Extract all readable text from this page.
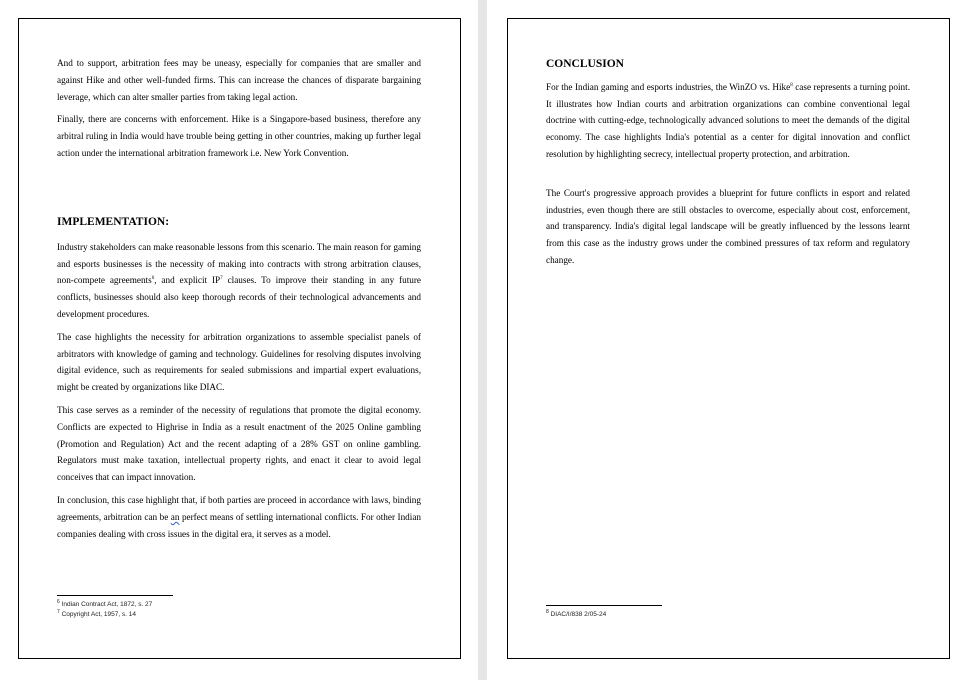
And to support, arbitration fees may be uneasy, especially for companies that are smaller and against Hike and other well-funded firms. This can increase the chances of disparate bargaining leverage, which can alter smaller parties from taking legal action.

Finally, there are concerns with enforcement. Hike is a Singapore-based business, therefore any arbitral ruling in India would have trouble being getting in other countries, making up further legal action under the international arbitration framework i.e. New York Convention.

IMPLEMENTATION:

Industry stakeholders can make reasonable lessons from this scenario. The main reason for gaming and esports businesses is the necessity of making into contracts with strong arbitration clauses, non-compete agreements$^6$, and explicit $IP^7$ clauses. To improve their standing in any future conflicts, businesses should also keep thorough records of their technological advancements and development procedures.

The case highlights the necessity for arbitration organizations to assemble specialist panels of arbitrators with knowledge of gaming and technology. Guidelines for resolving disputes involving digital evidence, such as requirements for sealed submissions and impartial expert evaluations, might be created by organizations like DIAC.

This case serves as a reminder of the necessity of regulations that promote the digital economy. Conflicts are expected to Highrise in India as a result enactment of the 2025 Online gambling (Promotion and Regulation) Act and the recent adapting of a 28% GST on online gambling. Regulators must make taxation, intellectual property rights, and enact it clear to avoid legal conceives that can impact innovation.

In conclusion, this case highlight that, if both parties are proceed in accordance with laws, binding agreements, arbitration can be an perfect means of settling international conflicts. For other Indian companies dealing with cross issues in the digital era, it serves as a model.

$^6$ Indian Contract Act, 1872, s. 27
$^7$ Copyright Act, 1957, s. 14

CONCLUSION

For the Indian gaming and esports industries, the WinZO vs. Hike$^8$ case represents a turning point. It illustrates how Indian courts and arbitration organizations can combine conventional legal doctrine with cutting-edge, technologically advanced solutions to meet the demands of the digital economy. The case highlights India's potential as a center for digital innovation and conflict resolution by highlighting secrecy, intellectual property protection, and arbitration.

The Court's progressive approach provides a blueprint for future conflicts in esport and related industries, even though there are still obstacles to overcome, especially about cost, enforcement, and transparency. India's digital legal landscape will be greatly influenced by the lessons learnt from this case as the industry grows under the combined pressures of tax reform and regulatory change.

$^8$ DIAC/I/838 2/05-24
